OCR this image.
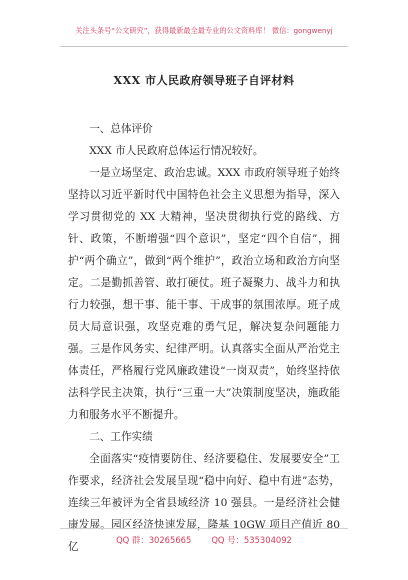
关注头条号“公文研究”，获得最新最全最专业的公文资料库！ 微信：gongwenyj
XXX 市人民政府领导班子自评材料

一、总体评价

XXX 市人民政府总体运行情况较好。

一是立场坚定、政治忠诚。XXX 市政府领导班子始终坚持以习近平新时代中国特色社会主义思想为指导，深入学习贯彻党的 XX 大精神，坚决贯彻执行党的路线、方针、政策，不断增强“四个意识”，坚定“四个自信”，拥护“两个确立”，做到“两个维护”，政治立场和政治方向坚定。二是勤抓善管、敢打硬仗。班子凝聚力、战斗力和执行力较强，想干事、能干事、干成事的氛围浓厚。班子成员大局意识强，攻坚克难的勇气足，解决复杂问题能力强。三是作风务实、纪律严明。认真落实全面从严治党主体责任，严格履行党风廉政建设“一岗双责”，始终坚持依法科学民主决策，执行“三重一大”决策制度坚决，施政能力和服务水平不断提升。

二、工作实绩

全面落实“疫情要防住、经济要稳住、发展要安全”工作要求，经济社会发展呈现“稳中向好、稳中有进”态势，连续三年被评为全省县域经济 10 强县。一是经济社会健康发展。园区经济快速发展，隆基 10GW 项目产值近 80 亿

QQ 群：30265665 QQ 号：535304092
